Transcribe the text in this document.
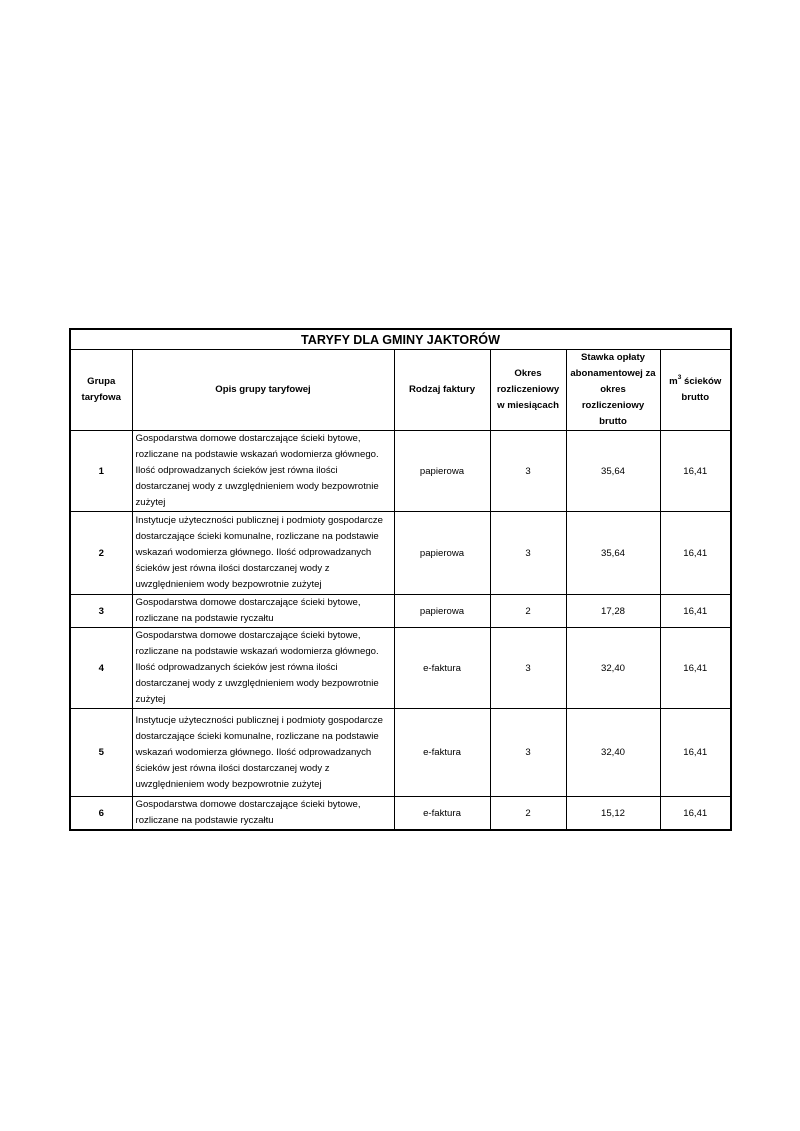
TARYFY DLA GMINY JAKTORÓW					
Grupa taryfowa	Opis grupy taryfowej	Rodzaj faktury	Okres rozliczeniowy w miesiącach	Stawka opłaty abonamentowej za okres rozliczeniowy brutto	$m^3$ ścieków brutto
1	Gospodarstwa domowe dostarczające ścieki bytowe, rozliczane na podstawie wskazań wodomierza głównego. Ilość odprowadzanych ścieków jest równa ilości dostarczanej wody z uwzględnieniem wody bezpowrotnie zużytej	papierowa	3	35,64	16,41
2	Instytucje użyteczności publicznej i podmioty gospodarcze dostarczające ścieki komunalne, rozliczane na podstawie wskazań wodomierza głównego. Ilość odprowadzanych ścieków jest równa ilości dostarczanej wody z uwzględnieniem wody bezpowrotnie zużytej	papierowa	3	35,64	16,41
3	Gospodarstwa domowe dostarczające ścieki bytowe, rozliczane na podstawie ryczałtu	papierowa	2	17,28	16,41
4	Gospodarstwa domowe dostarczające ścieki bytowe, rozliczane na podstawie wskazań wodomierza głównego. Ilość odprowadzanych ścieków jest równa ilości dostarczanej wody z uwzględnieniem wody bezpowrotnie zużytej	e-faktura	3	32,40	16,41
5	Instytucje użyteczności publicznej i podmioty gospodarcze dostarczające ścieki komunalne, rozliczane na podstawie wskazań wodomierza głównego. Ilość odprowadzanych ścieków jest równa ilości dostarczanej wody z uwzględnieniem wody bezpowrotnie zużytej	e-faktura	3	32,40	16,41
6	Gospodarstwa domowe dostarczające ścieki bytowe, rozliczane na podstawie ryczałtu	e-faktura	2	15,12	16,41
